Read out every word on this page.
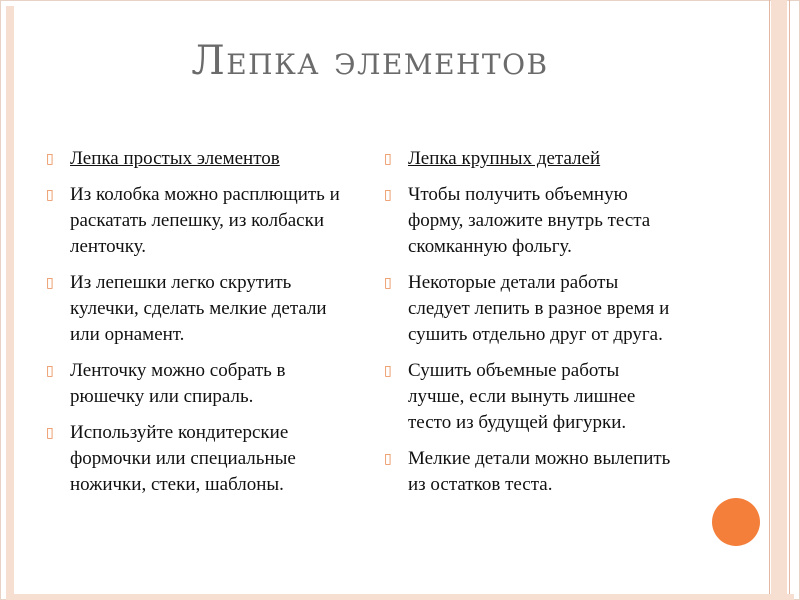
Лепка элементов
▯ Лепка простых элементов
▯ Из колобка можно расплющить и раскатать лепешку, из колбаски ленточку.
▯ Из лепешки легко скрутить кулечки, сделать мелкие детали или орнамент.
▯ Ленточку можно собрать в рюшечку или спираль.
▯ Используйте кондитерские формочки или специальные ножички, стеки, шаблоны.
▯ Лепка крупных деталей
▯ Чтобы получить объемную форму, заложите внутрь теста скомканную фольгу.
▯ Некоторые детали работы следует лепить в разное время и сушить отдельно друг от друга.
▯ Сушить объемные работы лучше, если вынуть лишнее тесто из будущей фигурки.
▯ Мелкие детали можно вылепить из остатков теста.
